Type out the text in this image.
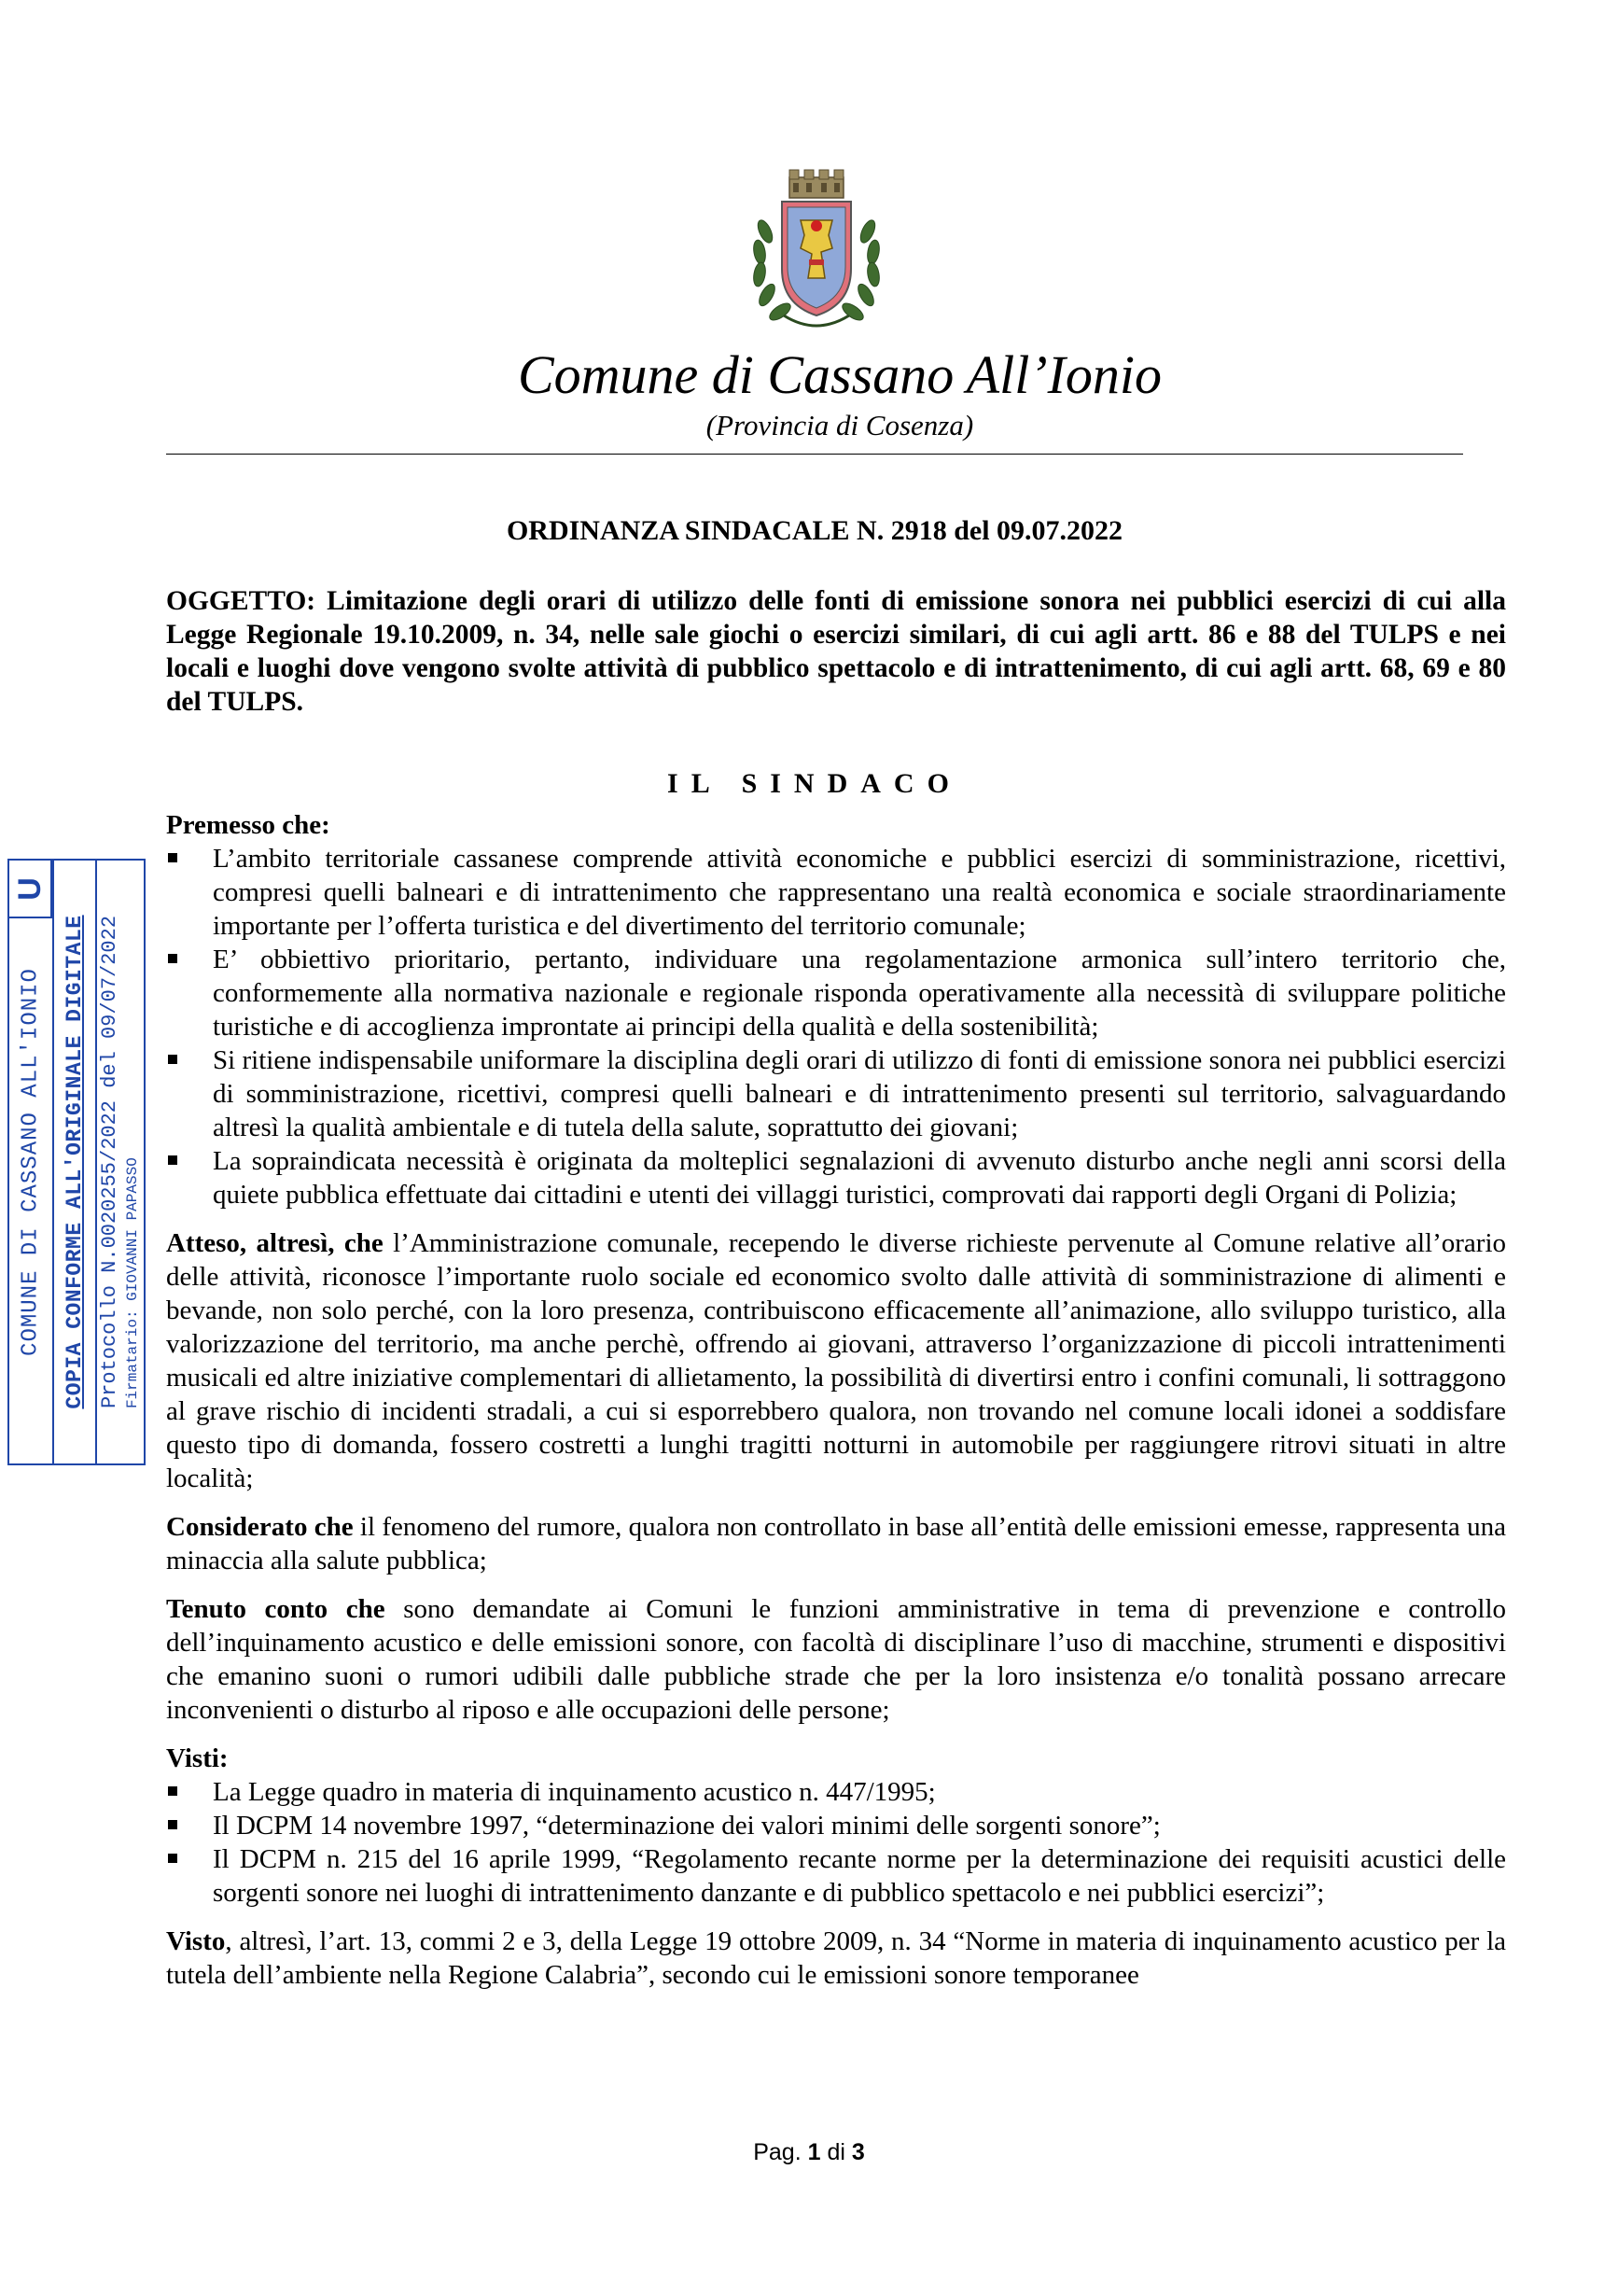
Comune di Cassano All’Ionio
(Provincia di Cosenza)
ORDINANZA SINDACALE N. 2918 del 09.07.2022
OGGETTO: Limitazione degli orari di utilizzo delle fonti di emissione sonora nei pubblici esercizi di cui alla Legge Regionale 19.10.2009, n. 34, nelle sale giochi o esercizi similari, di cui agli artt. 86 e 88 del TULPS e nei locali e luoghi dove vengono svolte attività di pubblico spettacolo e di intrattenimento, di cui agli artt. 68, 69 e 80 del TULPS.
IL SINDACO

Premesso che:

L’ambito territoriale cassanese comprende attività economiche e pubblici esercizi di somministrazione, ricettivi, compresi quelli balneari e di intrattenimento che rappresentano una realtà economica e sociale straordinariamente importante per l’offerta turistica e del divertimento del territorio comunale;
E’ obbiettivo prioritario, pertanto, individuare una regolamentazione armonica sull’intero territorio che, conformemente alla normativa nazionale e regionale risponda operativamente alla necessità di sviluppare politiche turistiche e di accoglienza improntate ai principi della qualità e della sostenibilità;
Si ritiene indispensabile uniformare la disciplina degli orari di utilizzo di fonti di emissione sonora nei pubblici esercizi di somministrazione, ricettivi, compresi quelli balneari e di intrattenimento presenti sul territorio, salvaguardando altresì la qualità ambientale e di tutela della salute, soprattutto dei giovani;
La sopraindicata necessità è originata da molteplici segnalazioni di avvenuto disturbo anche negli anni scorsi della quiete pubblica effettuate dai cittadini e utenti dei villaggi turistici, comprovati dai rapporti degli Organi di Polizia;

Atteso, altresì, che l’Amministrazione comunale, recependo le diverse richieste pervenute al Comune relative all’orario delle attività, riconosce l’importante ruolo sociale ed economico svolto dalle attività di somministrazione di alimenti e bevande, non solo perché, con la loro presenza, contribuiscono efficacemente all’animazione, allo sviluppo turistico, alla valorizzazione del territorio, ma anche perchè, offrendo ai giovani, attraverso l’organizzazione di piccoli intrattenimenti musicali ed altre iniziative complementari di allietamento, la possibilità di divertirsi entro i confini comunali, li sottraggono al grave rischio di incidenti stradali, a cui si esporrebbero qualora, non trovando nel comune locali idonei a soddisfare questo tipo di domanda, fossero costretti a lunghi tragitti notturni in automobile per raggiungere ritrovi situati in altre località;

Considerato che il fenomeno del rumore, qualora non controllato in base all’entità delle emissioni emesse, rappresenta una minaccia alla salute pubblica;

Tenuto conto che sono demandate ai Comuni le funzioni amministrative in tema di prevenzione e controllo dell’inquinamento acustico e delle emissioni sonore, con facoltà di disciplinare l’uso di macchine, strumenti e dispositivi che emanino suoni o rumori udibili dalle pubbliche strade che per la loro insistenza e/o tonalità possano arrecare inconvenienti o disturbo al riposo e alle occupazioni delle persone;

Visti:

La Legge quadro in materia di inquinamento acustico n. 447/1995;
Il DCPM 14 novembre 1997, “determinazione dei valori minimi delle sorgenti sonore”;
Il DCPM n. 215 del 16 aprile 1999, “Regolamento recante norme per la determinazione dei requisiti acustici delle sorgenti sonore nei luoghi di intrattenimento danzante e di pubblico spettacolo e nei pubblici esercizi”;

Visto, altresì, l’art. 13, commi 2 e 3, della Legge 19 ottobre 2009, n. 34 “Norme in materia di inquinamento acustico per la tutela dell’ambiente nella Regione Calabria”, secondo cui le emissioni sonore temporanee

COMUNE DI CASSANO ALL'IONIO COPIA CONFORME ALL'ORIGINALE DIGITALE Protocollo N.0020255/2022 del 09/07/2022 Firmatario: GIOVANNI PAPASSO
U
Pag. 1 di 3
